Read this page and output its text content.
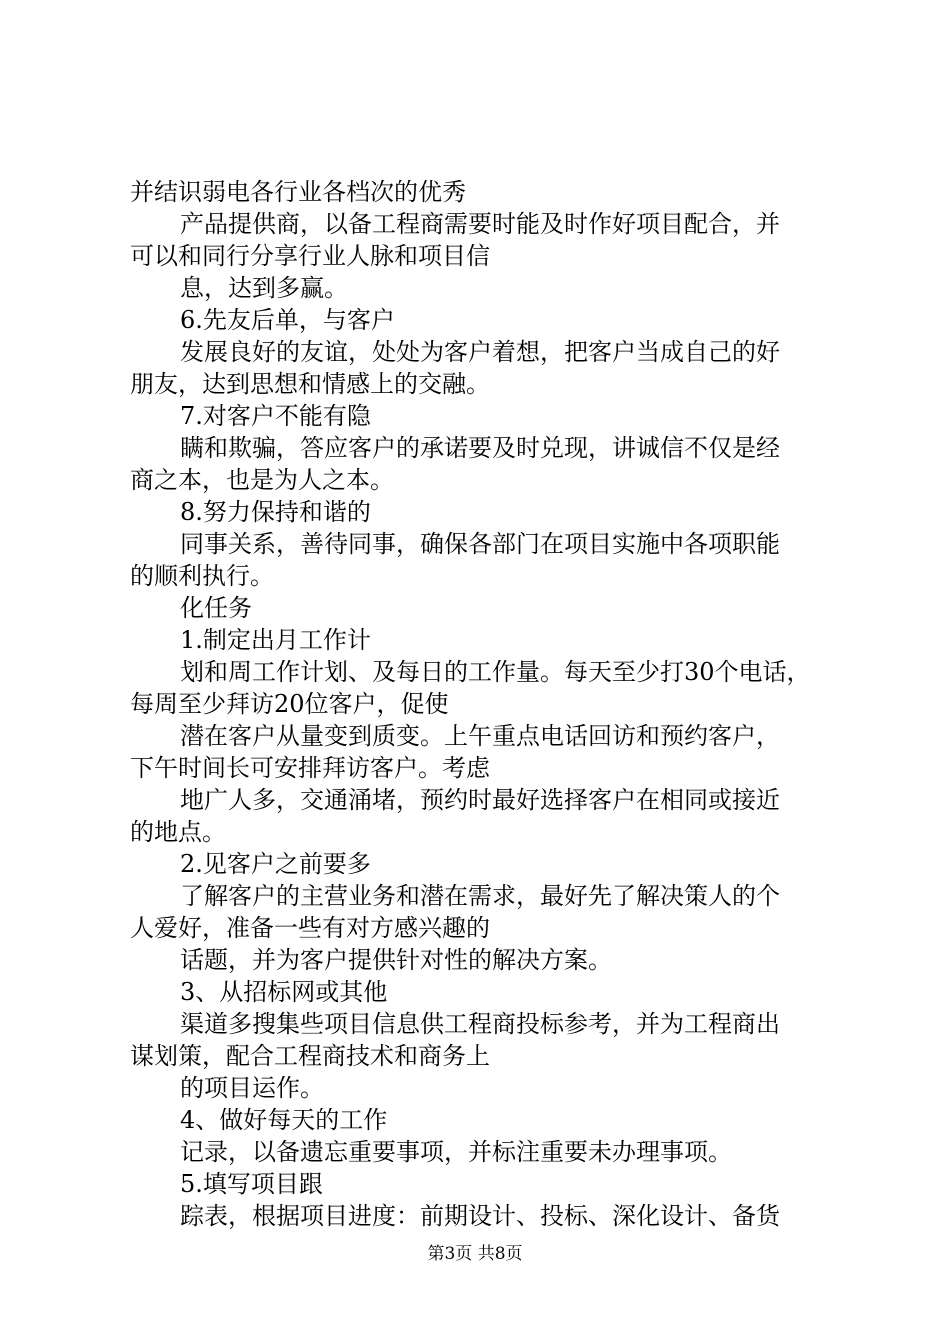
并结识弱电各行业各档次的优秀

产品提供商，以备工程商需要时能及时作好项目配合，并

可以和同行分享行业人脉和项目信

息，达到多赢。

6.先友后单，与客户

发展良好的友谊，处处为客户着想，把客户当成自己的好

朋友，达到思想和情感上的交融。

7.对客户不能有隐

瞒和欺骗，答应客户的承诺要及时兑现，讲诚信不仅是经

商之本，也是为人之本。

8.努力保持和谐的

同事关系，善待同事，确保各部门在项目实施中各项职能

的顺利执行。

化任务

1.制定出月工作计

划和周工作计划、及每日的工作量。每天至少打30个电话，

每周至少拜访20位客户，促使

潜在客户从量变到质变。上午重点电话回访和预约客户，

下午时间长可安排拜访客户。考虑

地广人多，交通涌堵，预约时最好选择客户在相同或接近

的地点。

2.见客户之前要多

了解客户的主营业务和潜在需求，最好先了解决策人的个

人爱好，准备一些有对方感兴趣的

话题，并为客户提供针对性的解决方案。

3、从招标网或其他

渠道多搜集些项目信息供工程商投标参考，并为工程商出

谋划策，配合工程商技术和商务上

的项目运作。

4、做好每天的工作

记录，以备遗忘重要事项，并标注重要未办理事项。

5.填写项目跟

踪表，根据项目进度：前期设计、投标、深化设计、备货

第3页 共8页
